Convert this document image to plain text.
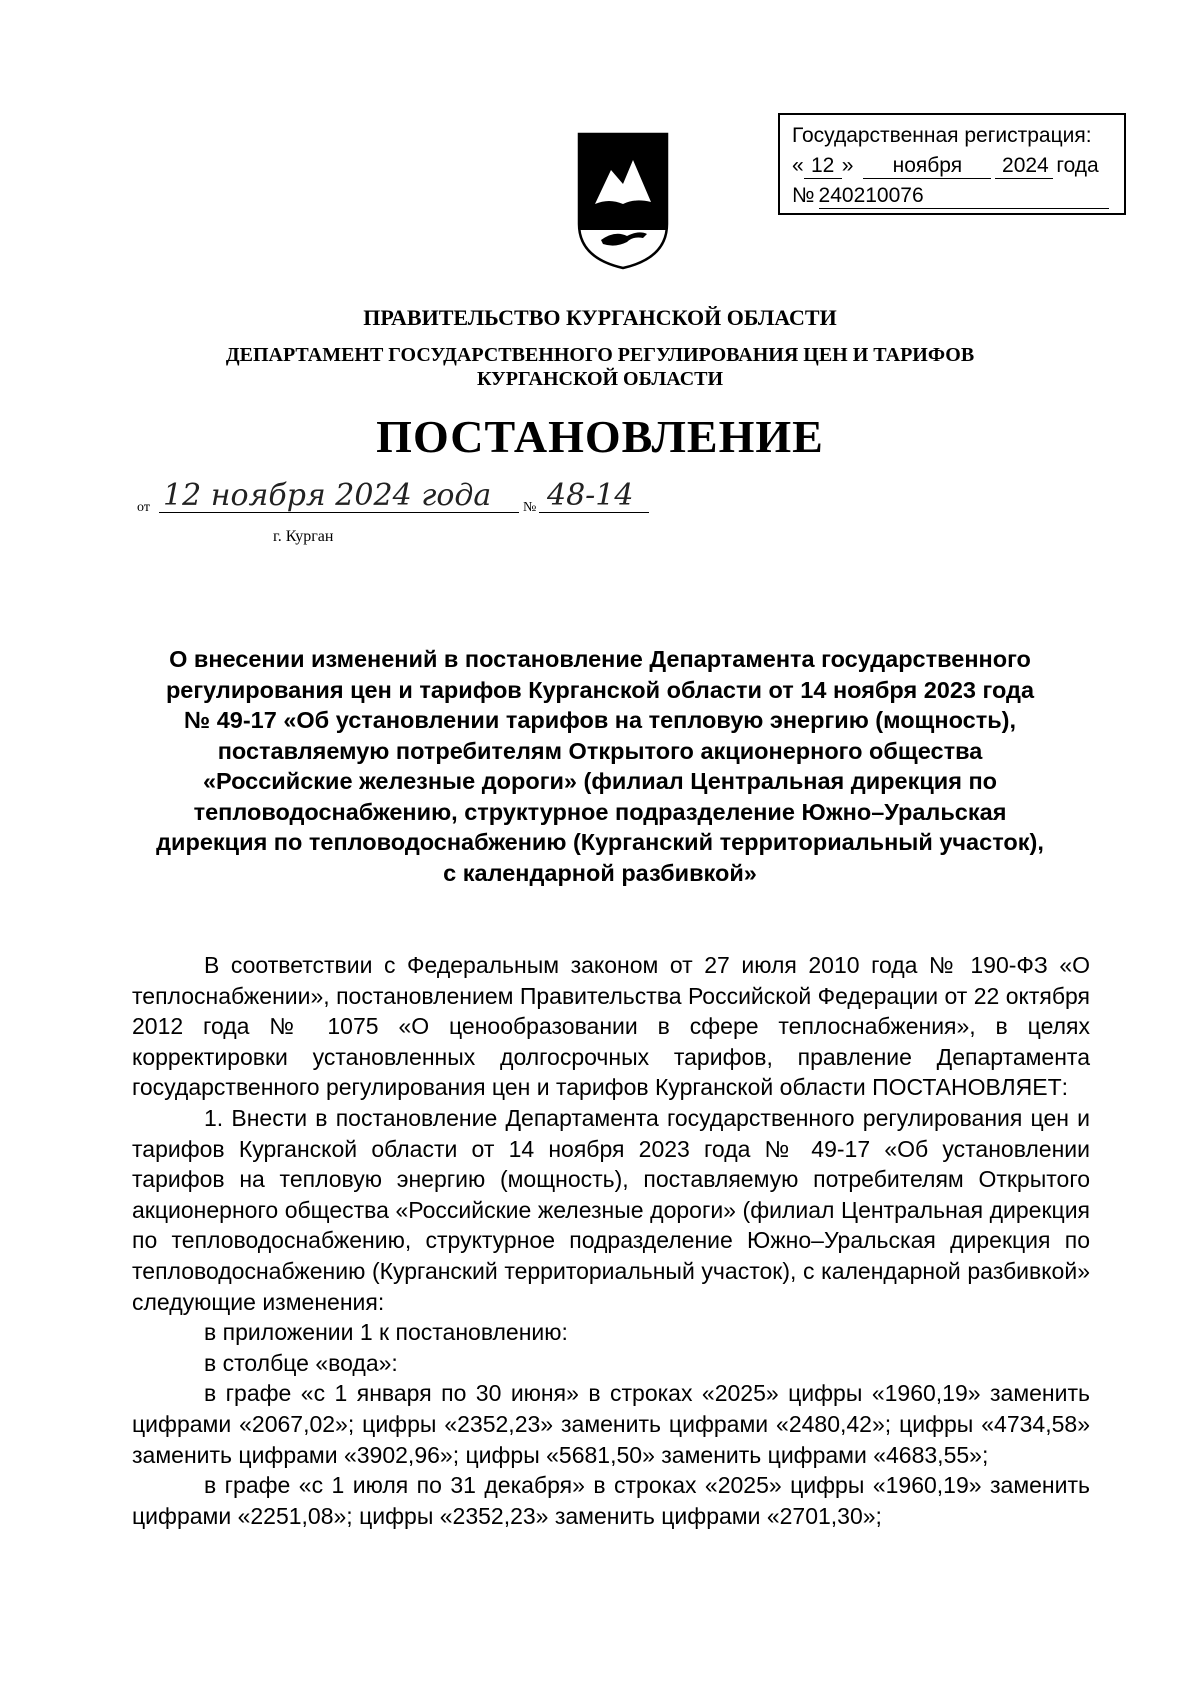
Государственная регистрация:
« 12 »	ноября	20 24 года
№ 240210076
ПРАВИТЕЛЬСТВО КУРГАНСКОЙ ОБЛАСТИ
ДЕПАРТАМЕНТ ГОСУДАРСТВЕННОГО РЕГУЛИРОВАНИЯ ЦЕН И ТАРИФОВ
КУРГАНСКОЙ ОБЛАСТИ
ПОСТАНОВЛЕНИЕ
от 12 ноября 2024 года № 48-14
г. Курган
О внесении изменений в постановление Департамента государственного
регулирования цен и тарифов Курганской области от 14 ноября 2023 года
№ 49-17 «Об установлении тарифов на тепловую энергию (мощность),
поставляемую потребителям Открытого акционерного общества
«Российские железные дороги» (филиал Центральная дирекция по
тепловодоснабжению, структурное подразделение Южно–Уральская
дирекция по тепловодоснабжению (Курганский территориальный участок),
с календарной разбивкой»

В соответствии с Федеральным законом от 27 июля 2010 года № 190-ФЗ «О теплоснабжении», постановлением Правительства Российской Федерации от 22 октября 2012 года № 1075 «О ценообразовании в сфере теплоснабжения», в целях корректировки установленных долгосрочных тарифов, правление Департамента государственного регулирования цен и тарифов Курганской области ПОСТАНОВЛЯЕТ:

1. Внести в постановление Департамента государственного регулирования цен и тарифов Курганской области от 14 ноября 2023 года № 49-17 «Об установлении тарифов на тепловую энергию (мощность), поставляемую потребителям Открытого акционерного общества «Российские железные дороги» (филиал Центральная дирекция по тепловодоснабжению, структурное подразделение Южно–Уральская дирекция по тепловодоснабжению (Курганский территориальный участок), с календарной разбивкой» следующие изменения:

в приложении 1 к постановлению:

в столбце «вода»:

в графе «с 1 января по 30 июня» в строках «2025» цифры «1960,19» заменить цифрами «2067,02»; цифры «2352,23» заменить цифрами «2480,42»; цифры «4734,58» заменить цифрами «3902,96»; цифры «5681,50» заменить цифрами «4683,55»;

в графе «с 1 июля по 31 декабря» в строках «2025» цифры «1960,19» заменить цифрами «2251,08»; цифры «2352,23» заменить цифрами «2701,30»;
